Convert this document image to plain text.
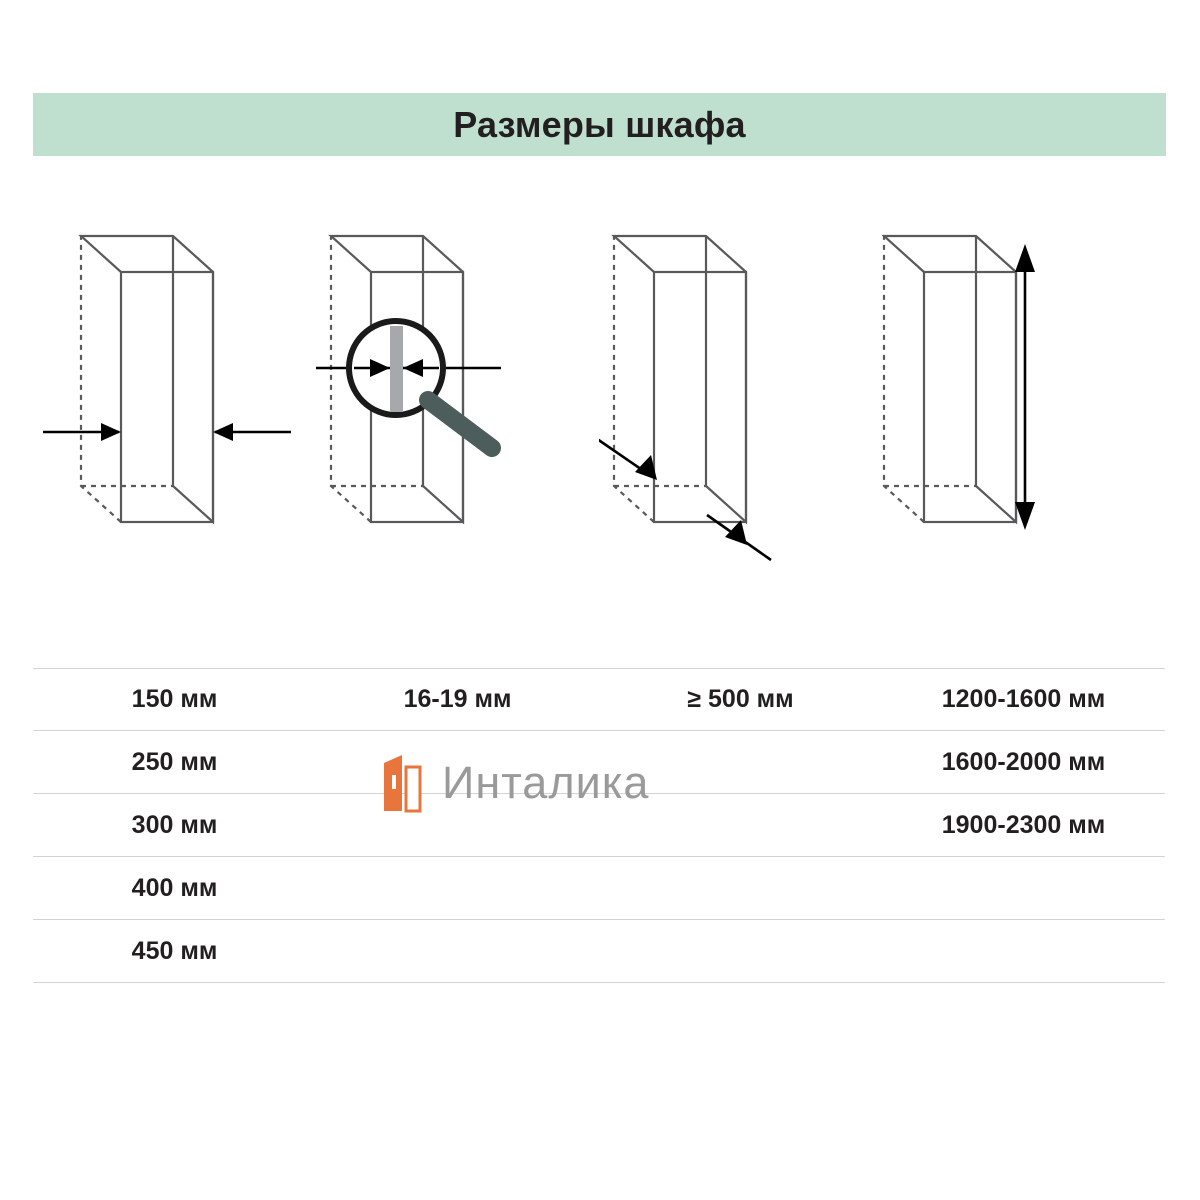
Размеры шкафа
150 мм
250 мм
300 мм
400 мм
450 мм
16-19 мм	≥ 500 мм	1200-1600 мм
1600-2000 мм
1900-2300 мм
Инталика
